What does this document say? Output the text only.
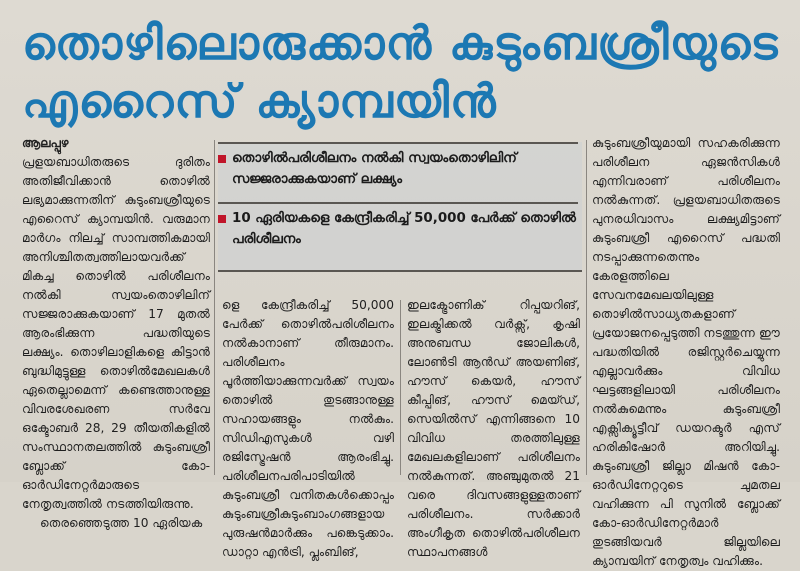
തൊഴിലൊരുക്കാൻ കുടുംബശ്രീയുടെ
എറൈസ് ക്യാമ്പയിൻ

ആലപ്പുഴ

പ്രളയബാധിതരുടെ ദുരിതം അതിജീവിക്കാൻ തൊഴിൽ ലഭ്യമാക്കുന്നതിന് കുടുംബശ്രീയുടെ എറൈസ് ക്യാമ്പയിൻ. വരുമാന മാർഗം നിലച്ച് സാമ്പത്തികമായി അനിശ്ചിതത്വത്തിലായവർക്ക് മികച്ച തൊഴിൽ പരിശീലനം നൽകി സ്വയംതൊഴിലിന് സജ്ജരാക്കുകയാണ് 17 മുതൽ ആരംഭിക്കുന്ന പദ്ധതിയുടെ ലക്ഷ്യം. തൊഴിലാളികളെ കിട്ടാൻ ബുദ്ധിമുട്ടുള്ള തൊഴിൽമേഖലകൾ ഏതെല്ലാമെന്ന് കണ്ടെത്താനുള്ള വിവരശേഖരണ സർവേ ഒക്ടോബർ 28, 29 തീയതികളിൽ സംസ്ഥാനതലത്തിൽ കുടുംബശ്രീ ബ്ലോക്ക് കോ-ഓർഡിനേറ്റർമാരുടെ നേതൃത്വത്തിൽ നടത്തിയിരുന്നു.

തെരഞ്ഞെടുത്ത 10 ഏരിയക

തൊഴിൽപരിശീലനം നൽകി സ്വയംതൊഴിലിന് സജ്ജരാക്കുകയാണ് ലക്ഷ്യം
10 ഏരിയകളെ കേന്ദ്രീകരിച്ച് 50,000 പേർക്ക് തൊഴിൽ പരിശീലനം

ളെ കേന്ദ്രീകരിച്ച് 50,000 പേർക്ക് തൊഴിൽപരിശീലനം നൽകാനാണ് തീരുമാനം. പരിശീലനം പൂർത്തിയാക്കുന്നവർക്ക് സ്വയം തൊഴിൽ തുടങ്ങാനുള്ള സഹായങ്ങളും നൽകും. സിഡിഎസുകൾ വഴി രജിസ്ട്രേഷൻ ആരംഭിച്ചു. പരിശീലനപരിപാടിയിൽ കുടുംബശ്രീ വനിതകൾക്കൊപ്പം കുടുംബശ്രീകുടുംബാംഗങ്ങളായ പുരുഷൻമാർക്കും പങ്കെടുക്കാം. ഡാറ്റാ എൻട്രി, പ്ലംബിങ്,

ഇലക്ട്രോണിക് റിപ്പയറിങ്, ഇലക്ട്രിക്കൽ വർക്സ്, കൃഷി അനുബന്ധ ജോലികൾ, ലോൺടി ആൻഡ് അയണിങ്, ഹൗസ് കെയർ, ഹൗസ് കീപ്പിങ്, ഹൗസ് മെയ്ഡ്, സെയിൽസ് എന്നിങ്ങനെ 10 വിവിധ തരത്തിലുള്ള മേഖലകളിലാണ് പരിശീലനം നൽകുന്നത്. അഞ്ചുമുതൽ 21 വരെ ദിവസങ്ങളുള്ളതാണ് പരിശീലനം. സർക്കാർ അംഗീകൃത തൊഴിൽപരിശീലന സ്ഥാപനങ്ങൾ

കുടുംബശ്രീയുമായി സഹകരിക്കുന്ന പരിശീലന ഏജൻസികൾ എന്നിവരാണ് പരിശീലനം നൽകുന്നത്. പ്രളയബാധിതരുടെ പുനരധിവാസം ലക്ഷ്യമിട്ടാണ് കുടുംബശ്രീ എറൈസ് പദ്ധതി നടപ്പാക്കുന്നതെന്നും കേരളത്തിലെ സേവനമേഖലയിലുള്ള തൊഴിൽസാധ്യതകളാണ് പ്രയോജനപ്പെടുത്തി നടത്തുന്ന ഈ പദ്ധതിയിൽ രജിസ്റ്റർചെയ്യുന്ന എല്ലാവർക്കും വിവിധ ഘട്ടങ്ങളിലായി പരിശീലനം നൽകുമെന്നും കുടുംബശ്രീ എക്സിക്യൂട്ടീവ് ഡയറക്ടർ എസ് ഹരികിഷോർ അറിയിച്ചു. കുടുംബശ്രീ ജില്ലാ മിഷൻ കോ-ഓർഡിനേറ്ററുടെ ചുമതല വഹിക്കുന്ന പി സുനിൽ ബ്ലോക്ക് കോ-ഓർഡിനേറ്റർമാർ തുടങ്ങിയവർ ജില്ലയിലെ ക്യാമ്പയിന് നേതൃത്വം വഹിക്കും.
